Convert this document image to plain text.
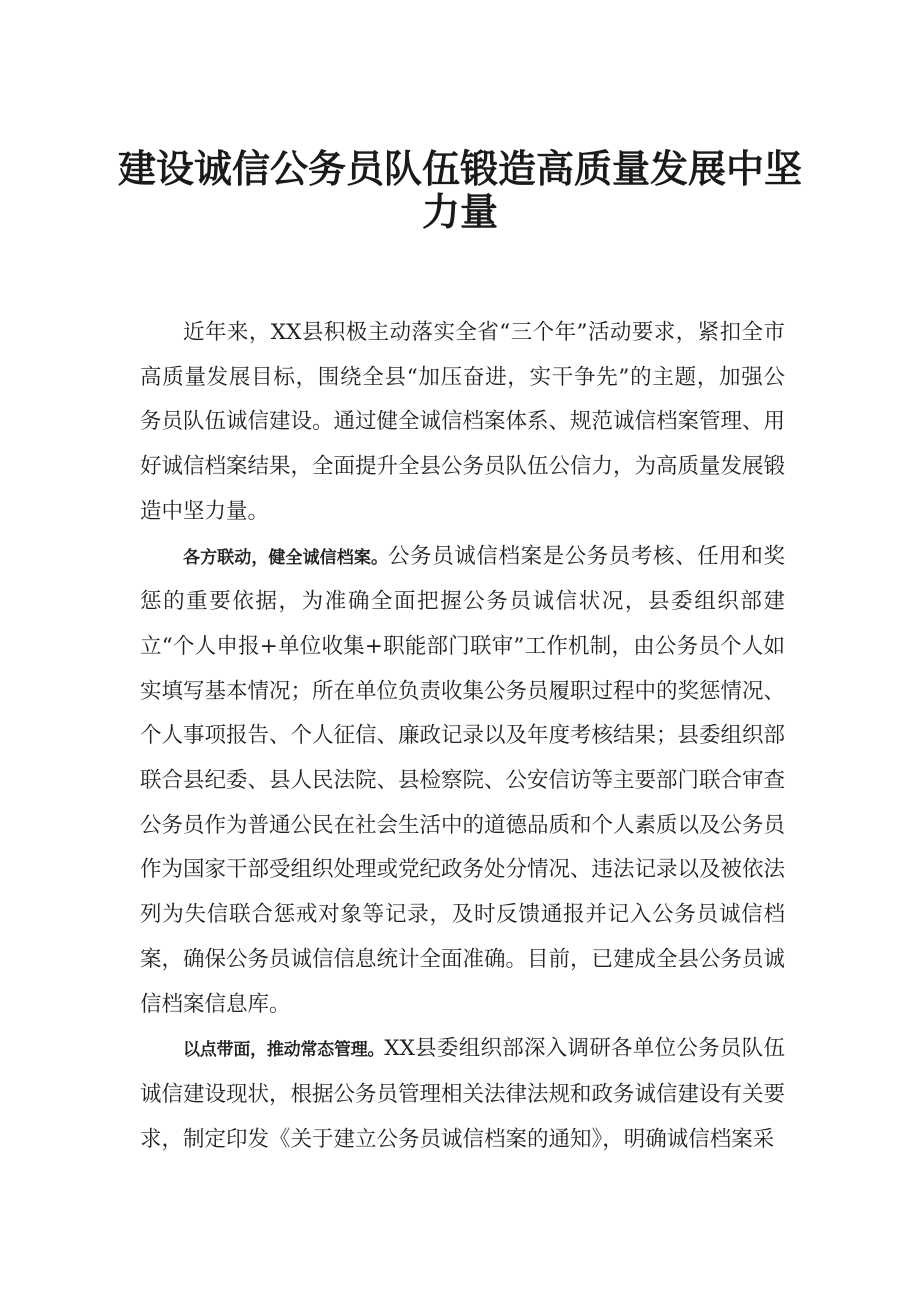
建设诚信公务员队伍锻造高质量发展中坚
力量

近年来，XX县积极主动落实全省“三个年”活动要求，紧扣全市高质量发展目标，围绕全县“加压奋进，实干争先”的主题，加强公务员队伍诚信建设。通过健全诚信档案体系、规范诚信档案管理、用好诚信档案结果，全面提升全县公务员队伍公信力，为高质量发展锻造中坚力量。

各方联动，健全诚信档案。公务员诚信档案是公务员考核、任用和奖惩的重要依据，为准确全面把握公务员诚信状况，县委组织部建立“个人申报+单位收集+职能部门联审”工作机制，由公务员个人如实填写基本情况；所在单位负责收集公务员履职过程中的奖惩情况、个人事项报告、个人征信、廉政记录以及年度考核结果；县委组织部联合县纪委、县人民法院、县检察院、公安信访等主要部门联合审查公务员作为普通公民在社会生活中的道德品质和个人素质以及公务员作为国家干部受组织处理或党纪政务处分情况、违法记录以及被依法列为失信联合惩戒对象等记录，及时反馈通报并记入公务员诚信档案，确保公务员诚信信息统计全面准确。目前，已建成全县公务员诚信档案信息库。

以点带面，推动常态管理。XX县委组织部深入调研各单位公务员队伍诚信建设现状，根据公务员管理相关法律法规和政务诚信建设有关要求，制定印发《关于建立公务员诚信档案的通知》，明确诚信档案采
